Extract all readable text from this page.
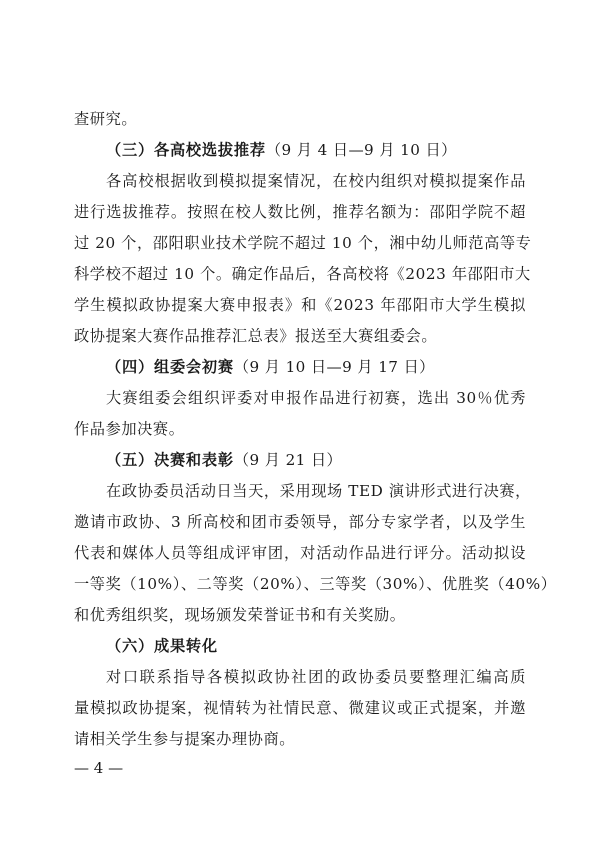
查研究。
（三）各高校选拔推荐（9 月 4 日—9 月 10 日）
各高校根据收到模拟提案情况，在校内组织对模拟提案作品
进行选拔推荐。按照在校人数比例，推荐名额为：邵阳学院不超
过 20 个，邵阳职业技术学院不超过 10 个，湘中幼儿师范高等专
科学校不超过 10 个。确定作品后，各高校将《2023 年邵阳市大
学生模拟政协提案大赛申报表》和《2023 年邵阳市大学生模拟
政协提案大赛作品推荐汇总表》报送至大赛组委会。
（四）组委会初赛（9 月 10 日—9 月 17 日）
大赛组委会组织评委对申报作品进行初赛，选出 30％优秀
作品参加决赛。
（五）决赛和表彰（9 月 21 日）
在政协委员活动日当天，采用现场 TED 演讲形式进行决赛，
邀请市政协、3 所高校和团市委领导，部分专家学者，以及学生
代表和媒体人员等组成评审团，对活动作品进行评分。活动拟设
一等奖（10%）、二等奖（20%）、三等奖（30%）、优胜奖（40%）
和优秀组织奖，现场颁发荣誉证书和有关奖励。
（六）成果转化
对口联系指导各模拟政协社团的政协委员要整理汇编高质
量模拟政协提案，视情转为社情民意、微建议或正式提案，并邀
请相关学生参与提案办理协商。
— 4 —
